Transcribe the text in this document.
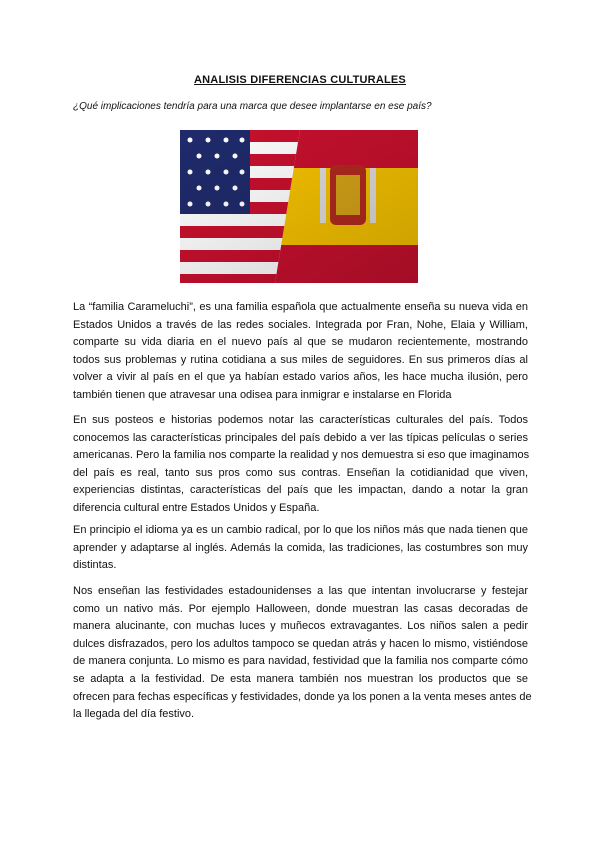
ANALISIS DIFERENCIAS CULTURALES
¿Qué implicaciones tendría para una marca que desee implantarse en ese país?
La “familia Carameluchi”, es una familia española que actualmente enseña su nueva vida en
Estados Unidos a través de las redes sociales. Integrada por Fran, Nohe, Elaia y William,
comparte su vida diaria en el nuevo país al que se mudaron recientemente, mostrando
todos sus problemas y rutina cotidiana a sus miles de seguidores. En sus primeros días al
volver a vivir al país en el que ya habían estado varios años, les hace mucha ilusión, pero
también tienen que atravesar una odisea para inmigrar e instalarse en Florida
En sus posteos e historias podemos notar las características culturales del país. Todos
conocemos las características principales del país debido a ver las típicas películas o series
americanas. Pero la familia nos comparte la realidad y nos demuestra si eso que imaginamos
del país es real, tanto sus pros como sus contras. Enseñan la cotidianidad que viven,
experiencias distintas, características del país que les impactan, dando a notar la gran
diferencia cultural entre Estados Unidos y España.
En principio el idioma ya es un cambio radical, por lo que los niños más que nada tienen que
aprender y adaptarse al inglés. Además la comida, las tradiciones, las costumbres son muy
distintas.
Nos enseñan las festividades estadounidenses a las que intentan involucrarse y festejar
como un nativo más. Por ejemplo Halloween, donde muestran las casas decoradas de
manera alucinante, con muchas luces y muñecos extravagantes. Los niños salen a pedir
dulces disfrazados, pero los adultos tampoco se quedan atrás y hacen lo mismo, vistiéndose
de manera conjunta. Lo mismo es para navidad, festividad que la familia nos comparte cómo
se adapta a la festividad. De esta manera también nos muestran los productos que se
ofrecen para fechas específicas y festividades, donde ya los ponen a la venta meses antes de
la llegada del día festivo.
